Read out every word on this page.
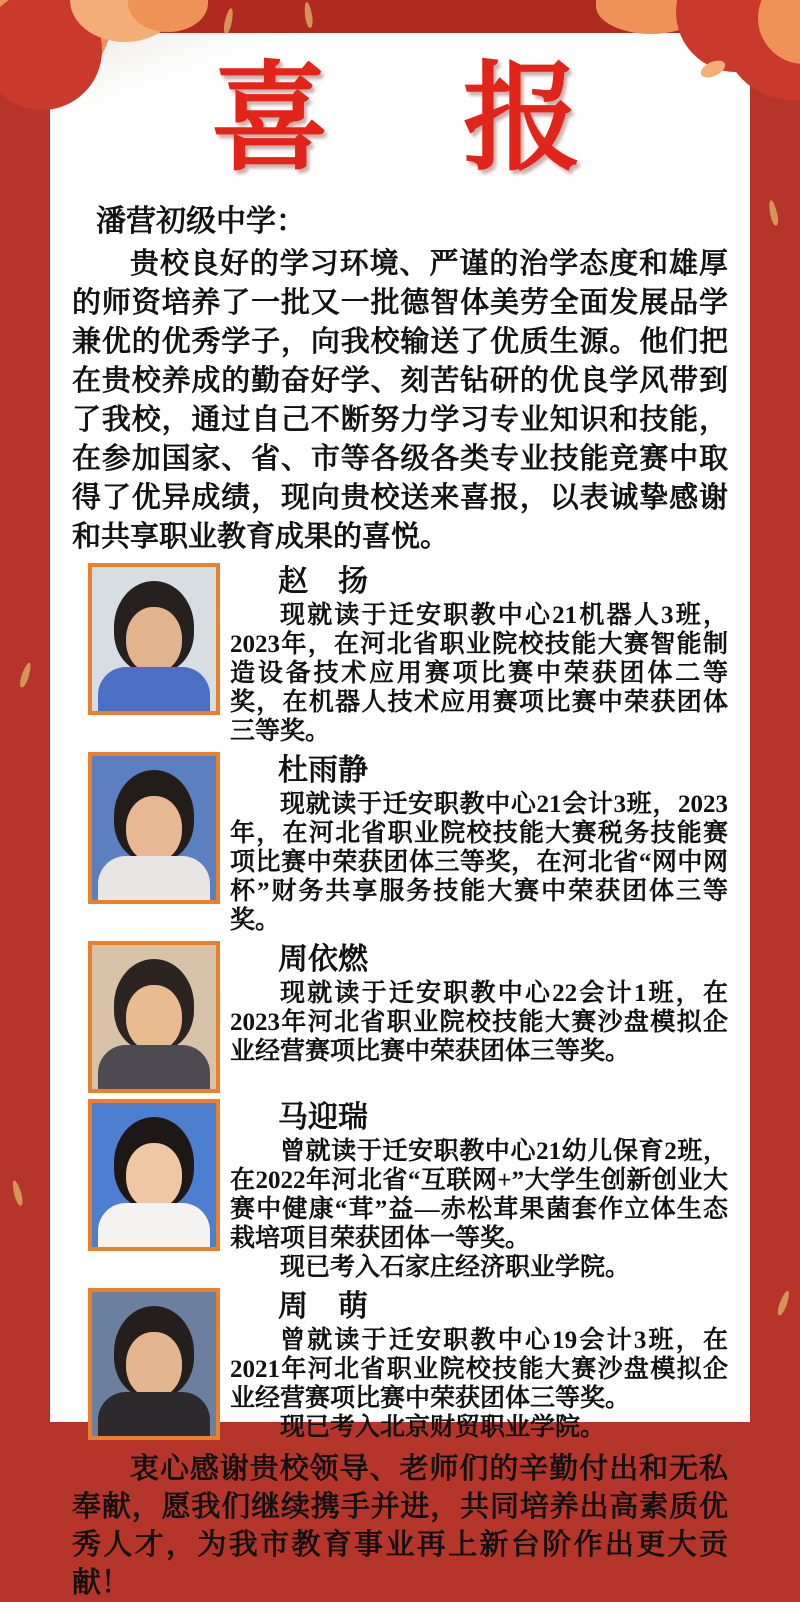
喜　报

潘营初级中学：

贵校良好的学习环境、严谨的治学态度和雄厚的师资培养了一批又一批德智体美劳全面发展品学兼优的优秀学子，向我校输送了优质生源。他们把在贵校养成的勤奋好学、刻苦钻研的优良学风带到了我校，通过自己不断努力学习专业知识和技能，在参加国家、省、市等各级各类专业技能竞赛中取得了优异成绩，现向贵校送来喜报，以表诚挚感谢和共享职业教育成果的喜悦。

赵　扬

现就读于迁安职教中心21机器人3班，2023年，在河北省职业院校技能大赛智能制造设备技术应用赛项比赛中荣获团体二等奖，在机器人技术应用赛项比赛中荣获团体三等奖。

杜雨静

现就读于迁安职教中心21会计3班，2023年，在河北省职业院校技能大赛税务技能赛项比赛中荣获团体三等奖，在河北省“网中网杯”财务共享服务技能大赛中荣获团体三等奖。

周依燃

现就读于迁安职教中心22会计1班，在2023年河北省职业院校技能大赛沙盘模拟企业经营赛项比赛中荣获团体三等奖。

马迎瑞

曾就读于迁安职教中心21幼儿保育2班，在2022年河北省“互联网+”大学生创新创业大赛中健康“茸”益—赤松茸果菌套作立体生态栽培项目荣获团体一等奖。

现已考入石家庄经济职业学院。

周　萌

曾就读于迁安职教中心19会计3班，在2021年河北省职业院校技能大赛沙盘模拟企业经营赛项比赛中荣获团体三等奖。

现已考入北京财贸职业学院。

衷心感谢贵校领导、老师们的辛勤付出和无私奉献，愿我们继续携手并进，共同培养出高素质优秀人才，为我市教育事业再上新台阶作出更大贡献！
